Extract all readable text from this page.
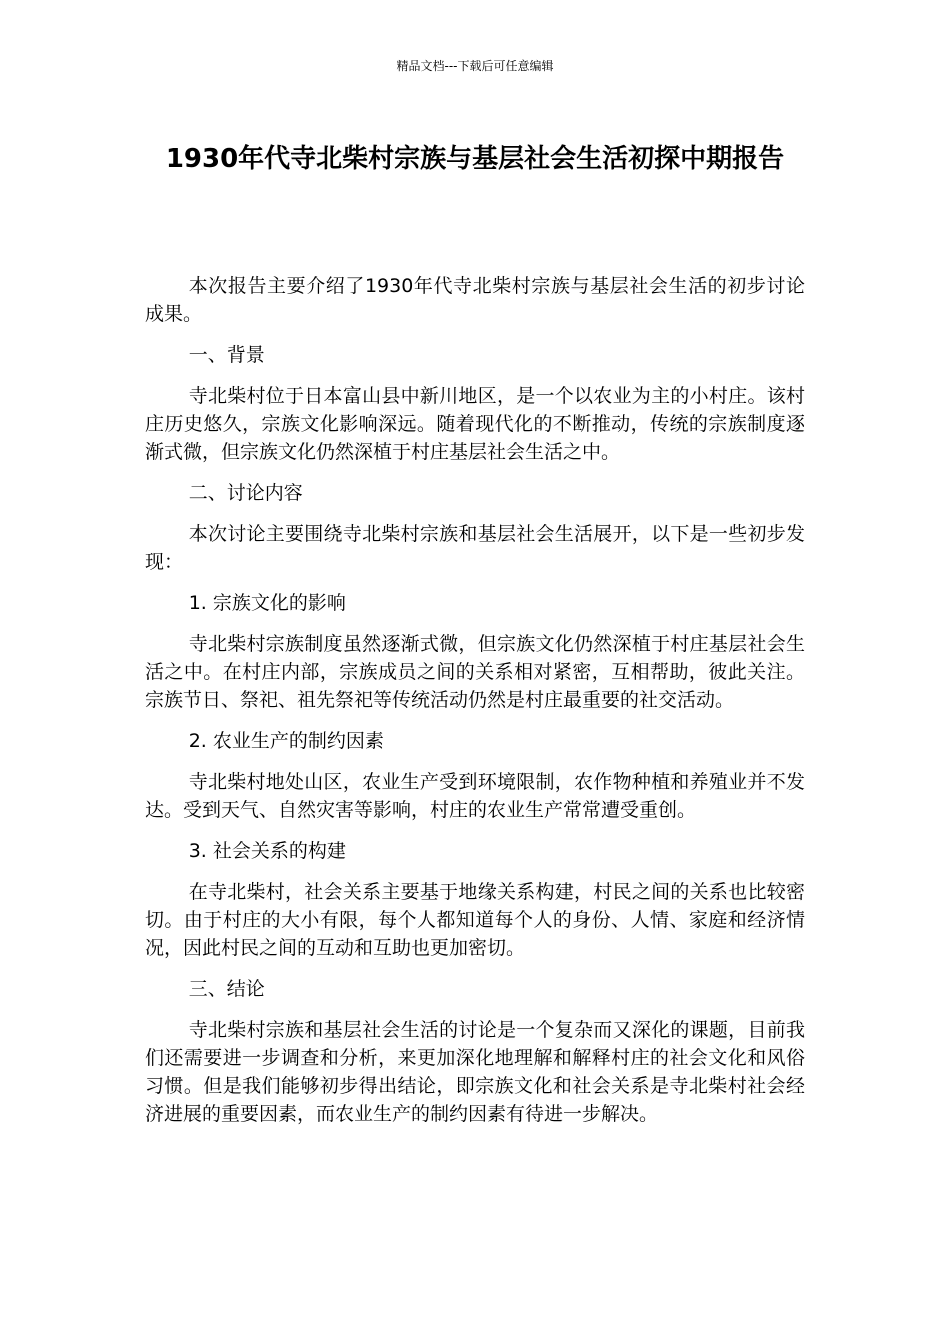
精品文档---下载后可任意编辑
1930年代寺北柴村宗族与基层社会生活初探中期报告

本次报告主要介绍了1930年代寺北柴村宗族与基层社会生活的初步讨论成果。

一、背景

寺北柴村位于日本富山县中新川地区，是一个以农业为主的小村庄。该村庄历史悠久，宗族文化影响深远。随着现代化的不断推动，传统的宗族制度逐渐式微，但宗族文化仍然深植于村庄基层社会生活之中。

二、讨论内容

本次讨论主要围绕寺北柴村宗族和基层社会生活展开，以下是一些初步发现：

1. 宗族文化的影响

寺北柴村宗族制度虽然逐渐式微，但宗族文化仍然深植于村庄基层社会生活之中。在村庄内部，宗族成员之间的关系相对紧密，互相帮助，彼此关注。宗族节日、祭祀、祖先祭祀等传统活动仍然是村庄最重要的社交活动。

2. 农业生产的制约因素

寺北柴村地处山区，农业生产受到环境限制，农作物种植和养殖业并不发达。受到天气、自然灾害等影响，村庄的农业生产常常遭受重创。

3. 社会关系的构建

在寺北柴村，社会关系主要基于地缘关系构建，村民之间的关系也比较密切。由于村庄的大小有限，每个人都知道每个人的身份、人情、家庭和经济情况，因此村民之间的互动和互助也更加密切。

三、结论

寺北柴村宗族和基层社会生活的讨论是一个复杂而又深化的课题，目前我们还需要进一步调查和分析，来更加深化地理解和解释村庄的社会文化和风俗习惯。但是我们能够初步得出结论，即宗族文化和社会关系是寺北柴村社会经济进展的重要因素，而农业生产的制约因素有待进一步解决。
